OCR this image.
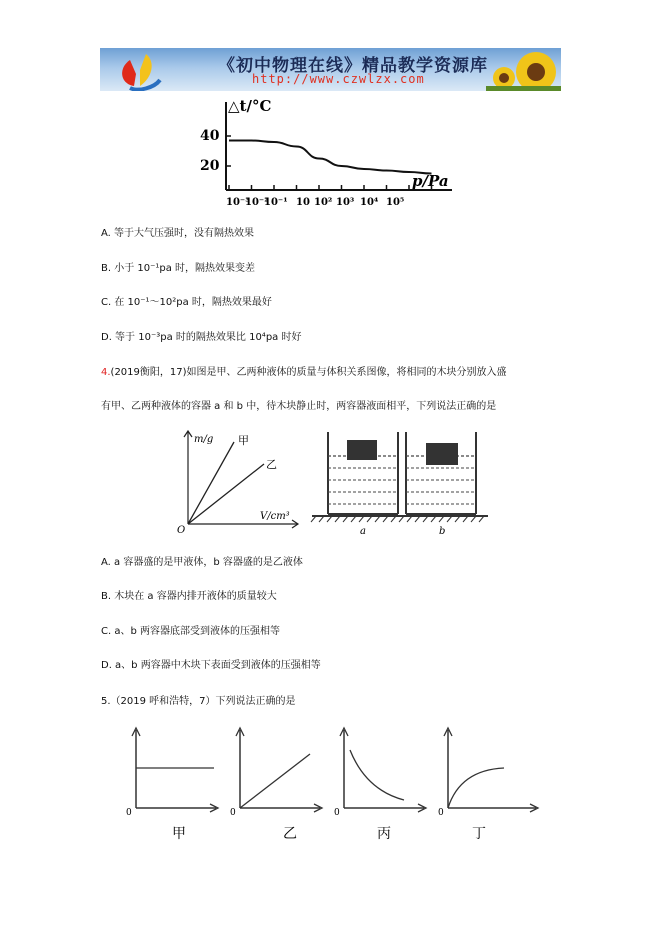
《初中物理在线》精品教学资源库
http://www.czwlzx.com
△t/°C
p/Pa
40
20
10⁻³
10⁻²
10⁻¹ 10 10² 10³ 10⁴ 10⁵
A. 等于大气压强时，没有隔热效果
B. 小于 10⁻¹pa 时，隔热效果变差
C. 在 10⁻¹～10²pa 时，隔热效果最好
D. 等于 10⁻³pa 时的隔热效果比 10⁴pa 时好
4.(2019衡阳，17)如图是甲、乙两种液体的质量与体积关系图像，将相同的木块分别放入盛
有甲、乙两种液体的容器 a 和 b 中，待木块静止时，两容器液面相平，下列说法正确的是
m/g
V/cm³
O
甲
乙
a	b
A. a 容器盛的是甲液体，b 容器盛的是乙液体
B. 木块在 a 容器内排开液体的质量较大
C. a、b 两容器底部受到液体的压强相等
D. a、b 两容器中木块下表面受到液体的压强相等
5.（2019 呼和浩特，7）下列说法正确的是
0
甲
0
乙
0
丙
0
丁
